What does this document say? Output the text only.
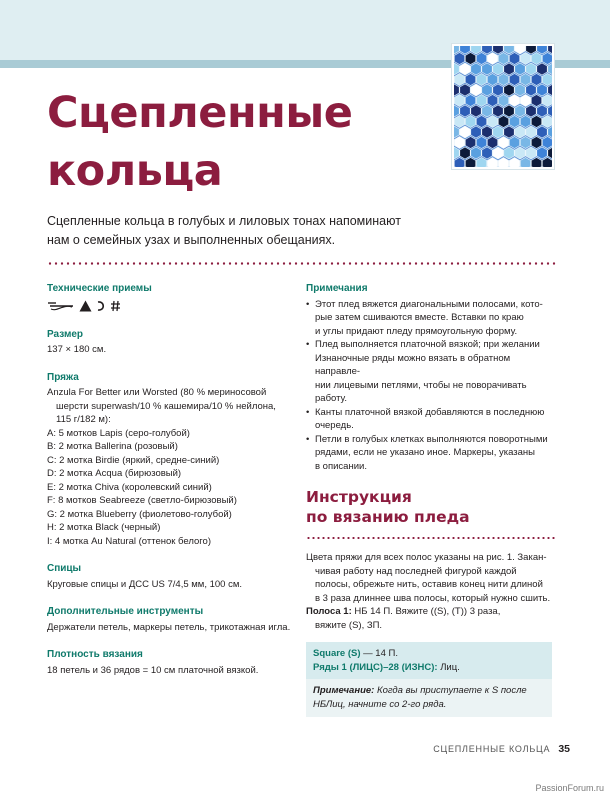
Сцепленные
кольца

Сцепленные кольца в голубых и лиловых тонах напоминают
нам о семейных узах и выполненных обещаниях.

Технические приемы
Размер
137 × 180 см.
Пряжа
Anzula For Better или Worsted (80 % мериносовой
шерсти superwash/10 % кашемира/10 % нейлона,
115 г/182 м):
A: 5 мотков Lapis (серо-голубой)
B: 2 мотка Ballerina (розовый)
C: 2 мотка Birdie (яркий, средне-синий)
D: 2 мотка Acqua (бирюзовый)
E: 2 мотка Chiva (королевский синий)
F: 8 мотков Seabreeze (светло-бирюзовый)
G: 2 мотка Blueberry (фиолетово-голубой)
H: 2 мотка Black (черный)
I: 4 мотка Au Natural (оттенок белого)
Спицы
Круговые спицы и ДСС US 7/4,5 мм, 100 см.
Дополнительные инструменты
Держатели петель, маркеры петель, трикотажная игла.
Плотность вязания
18 петель и 36 рядов = 10 см платочной вязкой.
Примечания
• Этот плед вяжется диагональными полосами, кото-
рые затем сшиваются вместе. Вставки по краю
и углы придают пледу прямоугольную форму.
• Плед выполняется платочной вязкой; при желании
Изнаночные ряды можно вязать в обратном направле-
нии лицевыми петлями, чтобы не поворачивать работу.
• Канты платочной вязкой добавляются в последнюю
очередь.
• Петли в голубых клетках выполняются поворотными
рядами, если не указано иное. Маркеры, указаны
в описании.
Инструкция
по вязанию пледа
Цвета пряжи для всех полос указаны на рис. 1. Закан-
чивая работу над последней фигурой каждой
полосы, обрежьте нить, оставив конец нити длиной
в 3 раза длиннее шва полосы, который нужно сшить.
Полоса 1: НБ 14 П. Вяжите ((S), (T)) 3 раза,
вяжите (S), ЗП.
Square (S) — 14 П.
Ряды 1 (ЛИЦС)–28 (ИЗНС): Лиц.
Примечание: Когда вы приступаете к S после
НБЛиц, начните со 2-го ряда.
СЦЕПЛЕННЫЕ КОЛЬЦА 35
PassionForum.ru
